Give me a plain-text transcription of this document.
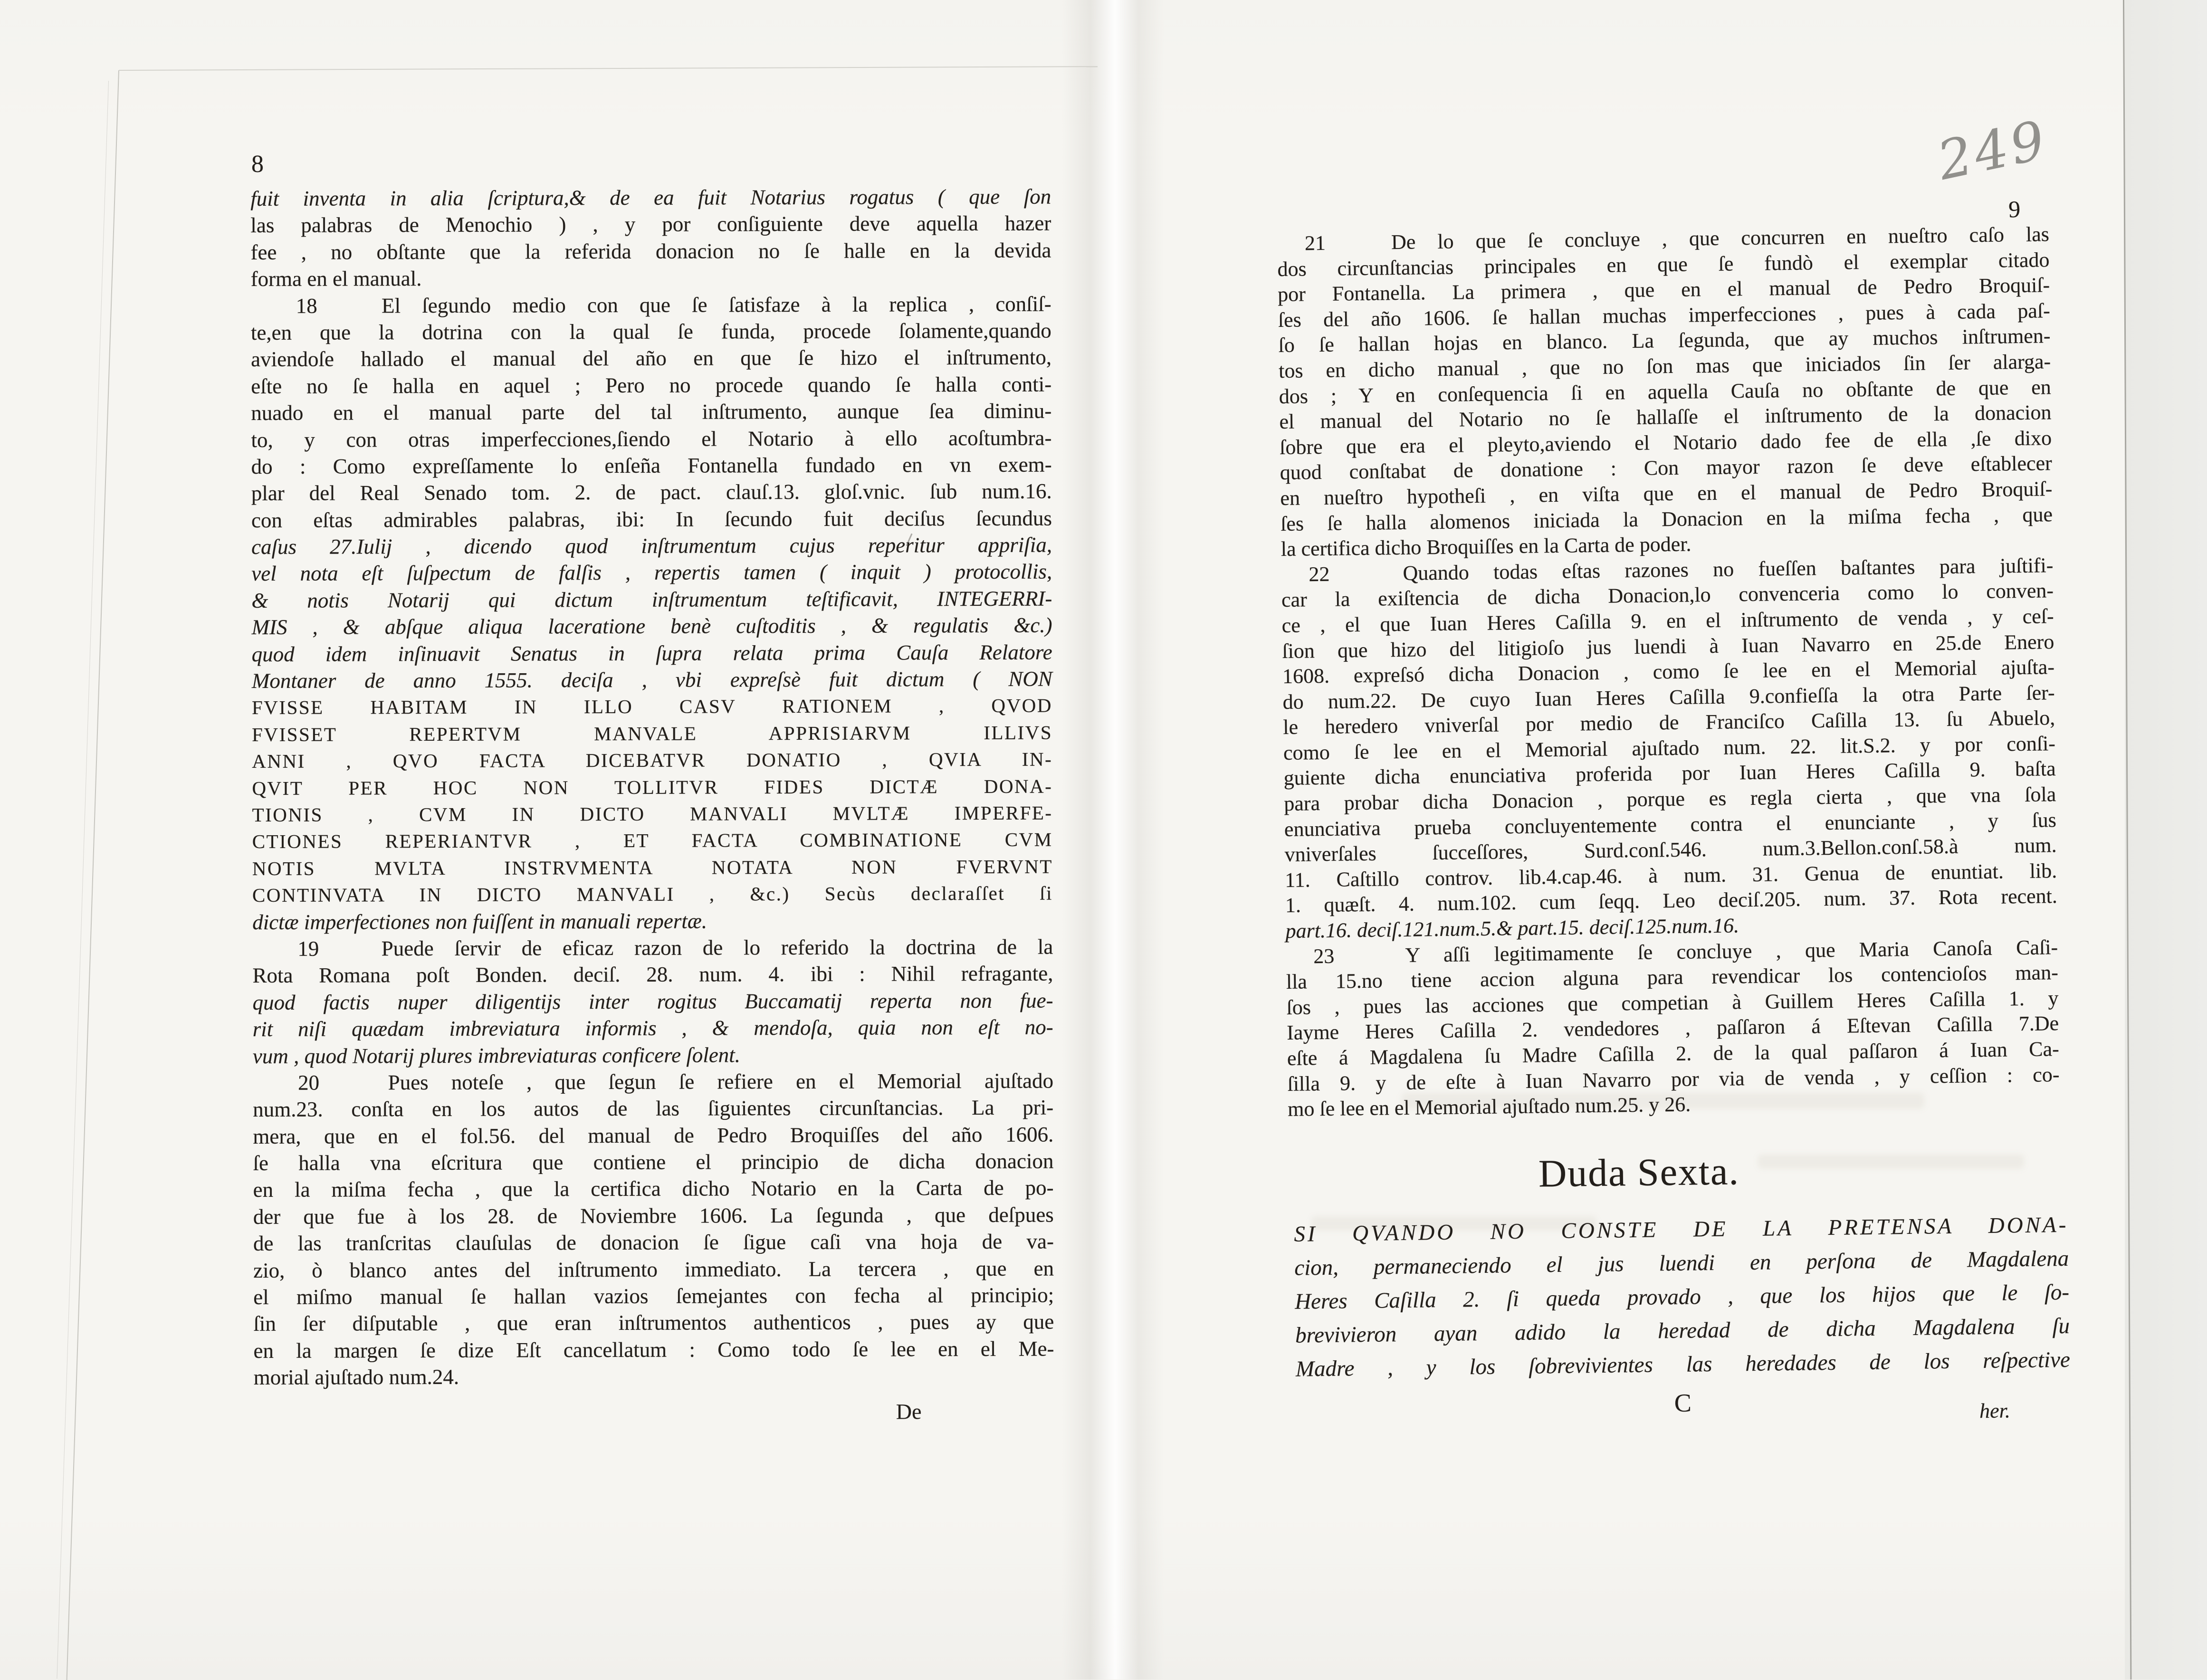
8
fuit inventa in alia ſcriptura,& de ea fuit Notarius rogatus ( que ſon
las palabras de Menochio ) , y por conſiguiente deve aquella hazer
fee , no obſtante que la referida donacion no ſe halle en la devida
forma en el manual.
18   El ſegundo medio con que ſe ſatisfaze à la replica , conſiſ-
te,en que la dotrina con la qual ſe funda, procede ſolamente,quando
aviendoſe hallado el manual del año en que ſe hizo el inſtrumento,
eſte no ſe halla en aquel ; Pero no procede quando ſe halla conti-
nuado en el manual parte del tal inſtrumento, aunque ſea diminu-
to, y con otras imperfecciones,ſiendo el Notario à ello acoſtumbra-
do : Como expreſſamente lo enſeña Fontanella fundado en vn exem-
plar del Real Senado tom. 2. de pact. clauſ.13. gloſ.vnic. ſub num.16.
con eſtas admirables palabras, ibi: In ſecundo fuit deciſus ſecundus
caſus 27.Iulij , dicendo quod inſtrumentum cujus reperitur appriſia,
vel nota eſt ſuſpectum de falſis , repertis tamen ( inquit ) protocollis,
& notis Notarij qui dictum inſtrumentum teſtificavit, INTEGERRI-
MIS , & abſque aliqua laceratione benè cuſtoditis , & regulatis &c.)
quod idem inſinuavit Senatus in ſupra relata prima Cauſa Relatore
Montaner de anno 1555. deciſa , vbi expreſsè fuit dictum ( NON
FVISSE HABITAM IN ILLO CASV RATIONEM , QVOD
FVISSET REPERTVM MANVALE APPRISIARVM ILLIVS
ANNI , QVO FACTA DICEBATVR DONATIO , QVIA IN-
QVIT PER HOC NON TOLLITVR FIDES DICTÆ DONA-
TIONIS , CVM IN DICTO MANVALI MVLTÆ IMPERFE-
CTIONES REPERIANTVR , ET FACTA COMBINATIONE CVM
NOTIS MVLTA INSTRVMENTA NOTATA NON FVERVNT
CONTINVATA IN DICTO MANVALI , &c.) Secùs declaraſſet ſi
dictæ imperfectiones non fuiſſent in manuali repertæ.
19   Puede ſervir de eficaz razon de lo referido la doctrina de la
Rota Romana poſt Bonden. deciſ. 28. num. 4. ibi : Nihil refragante,
quod factis nuper diligentijs inter rogitus Buccamatij reperta non fue-
rit niſi quædam imbreviatura informis , & mendoſa, quia non eſt no-
vum , quod Notarij plures imbreviaturas conficere ſolent.
20   Pues noteſe , que ſegun ſe refiere en el Memorial ajuſtado
num.23. conſta en los autos de las ſiguientes circunſtancias. La pri-
mera, que en el fol.56. del manual de Pedro Broquiſſes del año 1606.
ſe halla vna eſcritura que contiene el principio de dicha donacion
en la miſma fecha , que la certifica dicho Notario en la Carta de po-
der que fue à los 28. de Noviembre 1606. La ſegunda , que deſpues
de las tranſcritas clauſulas de donacion ſe ſigue caſi vna hoja de va-
zio, ò blanco antes del inſtrumento immediato. La tercera , que en
el miſmo manual ſe hallan vazios ſemejantes con fecha al principio;
ſin ſer diſputable , que eran inſtrumentos authenticos , pues ay que
en la margen ſe dize Eſt cancellatum : Como todo ſe lee en el Me-
morial ajuſtado num.24.
De
9
21   De lo que ſe concluye , que concurren en nueſtro caſo las
dos circunſtancias principales en que ſe fundò el exemplar citado
por Fontanella. La primera , que en el manual de Pedro Broquiſ-
ſes del año 1606. ſe hallan muchas imperfecciones , pues à cada paſ-
ſo ſe hallan hojas en blanco. La ſegunda, que ay muchos inſtrumen-
tos en dicho manual , que no ſon mas que iniciados ſin ſer alarga-
dos ; Y en conſequencia ſi en aquella Cauſa no obſtante de que en
el manual del Notario no ſe hallaſſe el inſtrumento de la donacion
ſobre que era el pleyto,aviendo el Notario dado fee de ella ,ſe dixo
quod conſtabat de donatione : Con mayor razon ſe deve eſtablecer
en nueſtro hypotheſi , en viſta que en el manual de Pedro Broquiſ-
ſes ſe halla alomenos iniciada la Donacion en la miſma fecha , que
la certifica dicho Broquiſſes en la Carta de poder.
22   Quando todas eſtas razones no fueſſen baſtantes para juſtifi-
car la exiſtencia de dicha Donacion,lo convenceria como lo conven-
ce , el que Iuan Heres Caſilla 9. en el inſtrumento de venda , y ceſ-
ſion que hizo del litigioſo jus luendi à Iuan Navarro en 25.de Enero
1608. expreſsó dicha Donacion , como ſe lee en el Memorial ajuſta-
do num.22. De cuyo Iuan Heres Caſilla 9.confieſſa la otra Parte ſer-
le heredero vniverſal por medio de Franciſco Caſilla 13. ſu Abuelo,
como ſe lee en el Memorial ajuſtado num. 22. lit.S.2. y por conſi-
guiente dicha enunciativa proferida por Iuan Heres Caſilla 9. baſta
para probar dicha Donacion , porque es regla cierta , que vna ſola
enunciativa prueba concluyentemente contra el enunciante , y ſus
vniverſales ſucceſſores, Surd.conſ.546. num.3.Bellon.conſ.58.à num.
11. Caſtillo controv. lib.4.cap.46. à num. 31. Genua de enuntiat. lib.
1. quæſt. 4. num.102. cum ſeqq. Leo deciſ.205. num. 37. Rota recent.
part.16. deciſ.121.num.5.& part.15. deciſ.125.num.16.
23   Y aſſi legitimamente ſe concluye , que Maria Canoſa Caſi-
lla 15.no tiene accion alguna para revendicar los contencioſos man-
ſos , pues las acciones que competian à Guillem Heres Caſilla 1. y
Iayme Heres Caſilla 2. vendedores , paſſaron á Eſtevan Caſilla 7.De
eſte á Magdalena ſu Madre Caſilla 2. de la qual paſſaron á Iuan Ca-
ſilla 9. y de eſte à Iuan Navarro por via de venda , y ceſſion : co-
mo ſe lee en el Memorial ajuſtado num.25. y 26.
Duda Sexta.
SI QVANDO NO CONSTE DE LA PRETENSA DONA-
cion, permaneciendo el jus luendi en perſona de Magdalena
Heres Caſilla 2. ſi queda provado , que los hijos que le ſo-
brevivieron ayan adido la heredad de dicha Magdalena ſu
Madre , y los ſobrevivientes las heredades de los reſpective
C	her.
249
